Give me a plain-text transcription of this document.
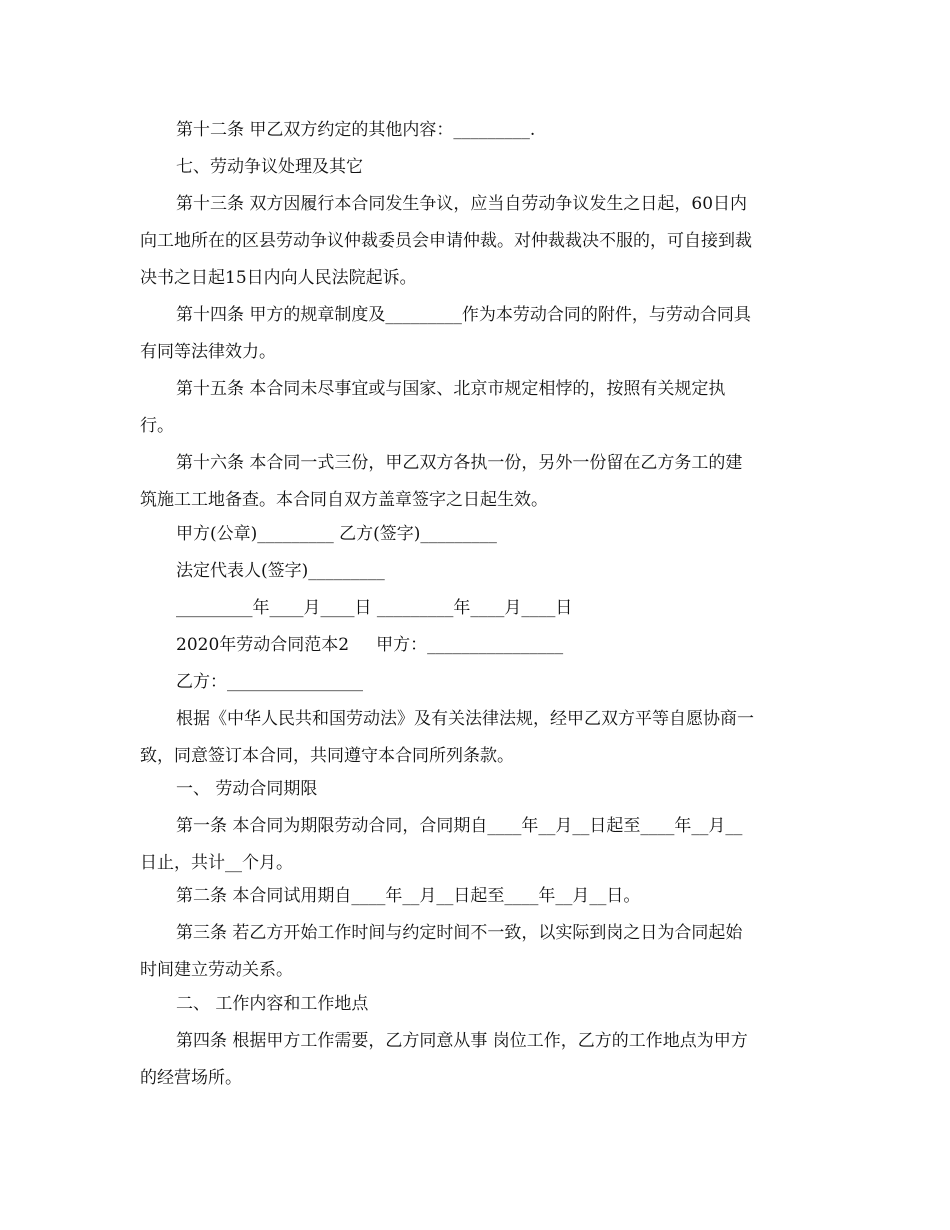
第十二条 甲乙双方约定的其他内容：_________.

七、劳动争议处理及其它

第十三条 双方因履行本合同发生争议，应当自劳动争议发生之日起，60日内
向工地所在的区县劳动争议仲裁委员会申请仲裁。对仲裁裁决不服的，可自接到裁
决书之日起15日内向人民法院起诉。
第十四条 甲方的规章制度及_________作为本劳动合同的附件，与劳动合同具
有同等法律效力。
第十五条 本合同未尽事宜或与国家、北京市规定相悖的，按照有关规定执
行。
第十六条 本合同一式三份，甲乙双方各执一份，另外一份留在乙方务工的建
筑施工工地备查。本合同自双方盖章签字之日起生效。

甲方(公章)_________ 乙方(签字)_________

法定代表人(签字)_________

_________年____月____日 _________年____月____日

2020年劳动合同范本2     甲方：________________

乙方：________________

根据《中华人民共和国劳动法》及有关法律法规，经甲乙双方平等自愿协商一
致，同意签订本合同，共同遵守本合同所列条款。

一、 劳动合同期限

第一条 本合同为期限劳动合同，合同期自____年__月__日起至____年__月__
日止，共计__个月。

第二条 本合同试用期自____年__月__日起至____年__月__日。

第三条 若乙方开始工作时间与约定时间不一致，以实际到岗之日为合同起始
时间建立劳动关系。

二、 工作内容和工作地点

第四条 根据甲方工作需要，乙方同意从事 岗位工作，乙方的工作地点为甲方
的经营场所。
